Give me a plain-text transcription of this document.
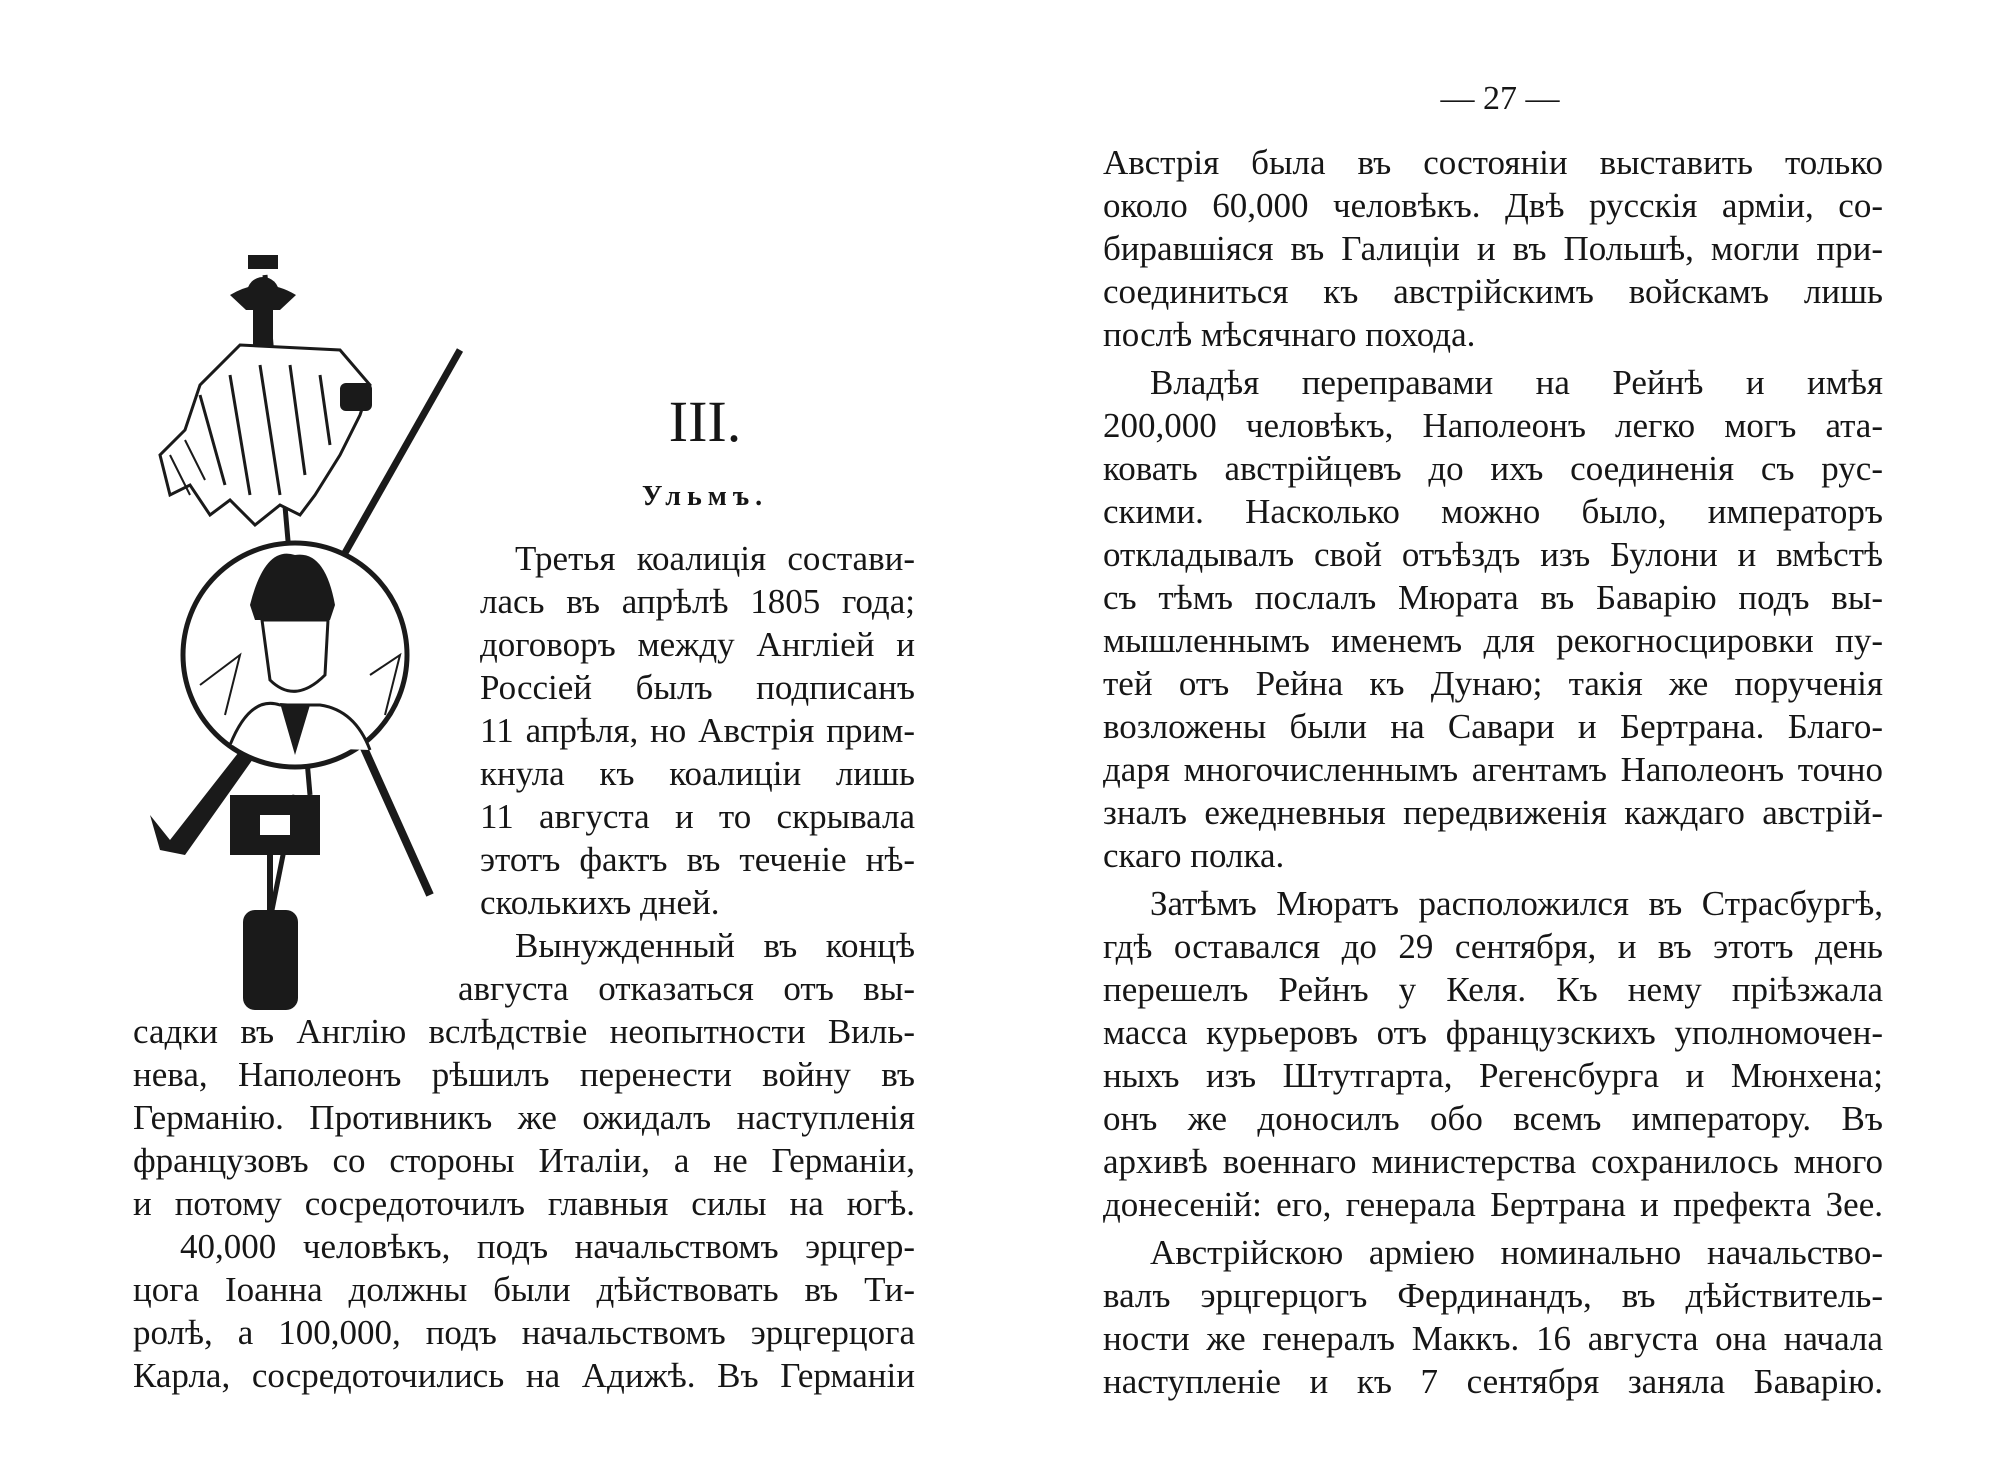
III.
Ульмъ.
Третья коалиція состави-
лась въ апрѣлѣ 1805 года;
договоръ между Англіей и
Россіей былъ подписанъ
11 апрѣля, но Австрія прим-
кнула къ коалиціи лишь
11 августа и то скрывала
этотъ фактъ въ теченіе нѣ-
сколькихъ дней.
Вынужденный въ концѣ
августа отказаться отъ вы-
садки въ Англію вслѣдствіе неопытности Виль-
нева, Наполеонъ рѣшилъ перенести войну въ
Германію. Противникъ же ожидалъ наступленія
французовъ со стороны Италіи, а не Германіи,
и потому сосредоточилъ главныя силы на югѣ.
40,000 человѣкъ, подъ начальствомъ эрцгер-
цога Іоанна должны были дѣйствовать въ Ти-
ролѣ, а 100,000, подъ начальствомъ эрцгерцога
Карла, сосредоточились на Адижѣ. Въ Германіи
— 27 —
Австрія была въ состояніи выставить только
около 60,000 человѣкъ. Двѣ русскія арміи, со-
биравшіяся въ Галиціи и въ Польшѣ, могли при-
соединиться къ австрійскимъ войскамъ лишь
послѣ мѣсячнаго похода.
Владѣя переправами на Рейнѣ и имѣя
200,000 человѣкъ, Наполеонъ легко могъ ата-
ковать австрійцевъ до ихъ соединенія съ рус-
скими. Насколько можно было, императоръ
откладывалъ свой отъѣздъ изъ Булони и вмѣстѣ
съ тѣмъ послалъ Мюрата въ Баварію подъ вы-
мышленнымъ именемъ для рекогносцировки пу-
тей отъ Рейна къ Дунаю; такія же порученія
возложены были на Савари и Бертрана. Благо-
даря многочисленнымъ агентамъ Наполеонъ точно
зналъ ежедневныя передвиженія каждаго австрій-
скаго полка.
Затѣмъ Мюратъ расположился въ Страсбургѣ,
гдѣ оставался до 29 сентября, и въ этотъ день
перешелъ Рейнъ у Келя. Къ нему пріѣзжала
масса курьеровъ отъ французскихъ уполномочен-
ныхъ изъ Штутгарта, Регенсбурга и Мюнхена;
онъ же доносилъ обо всемъ императору. Въ
архивѣ военнаго министерства сохранилось много
донесеній: его, генерала Бертрана и префекта Зее.
Австрійскою арміею номинально начальство-
валъ эрцгерцогъ Фердинандъ, въ дѣйствитель-
ности же генералъ Маккъ. 16 августа она начала
наступленіе и къ 7 сентября заняла Баварію.
